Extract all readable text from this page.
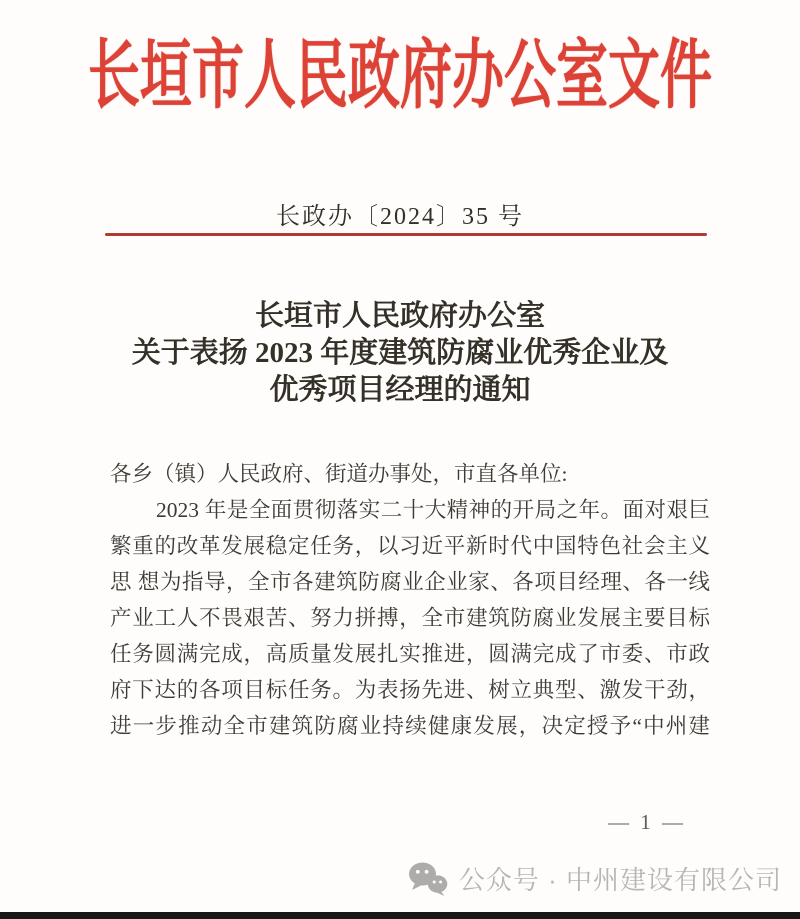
长垣市人民政府办公室文件
长政办〔2024〕35 号
长垣市人民政府办公室
关于表扬 2023 年度建筑防腐业优秀企业及
优秀项目经理的通知
各乡（镇）人民政府、街道办事处，市直各单位:
2023 年是全面贯彻落实二十大精神的开局之年。面对艰巨
繁重的改革发展稳定任务，以习近平新时代中国特色社会主义
思 想为指导，全市各建筑防腐业企业家、各项目经理、各一线
产业工人不畏艰苦、努力拼搏，全市建筑防腐业发展主要目标
任务圆满完成，高质量发展扎实推进，圆满完成了市委、市政
府下达的各项目标任务。为表扬先进、树立典型、激发干劲，
进一步推动全市建筑防腐业持续健康发展，决定授予“中州建
— 1 —
公众号 · 中州建设有限公司
